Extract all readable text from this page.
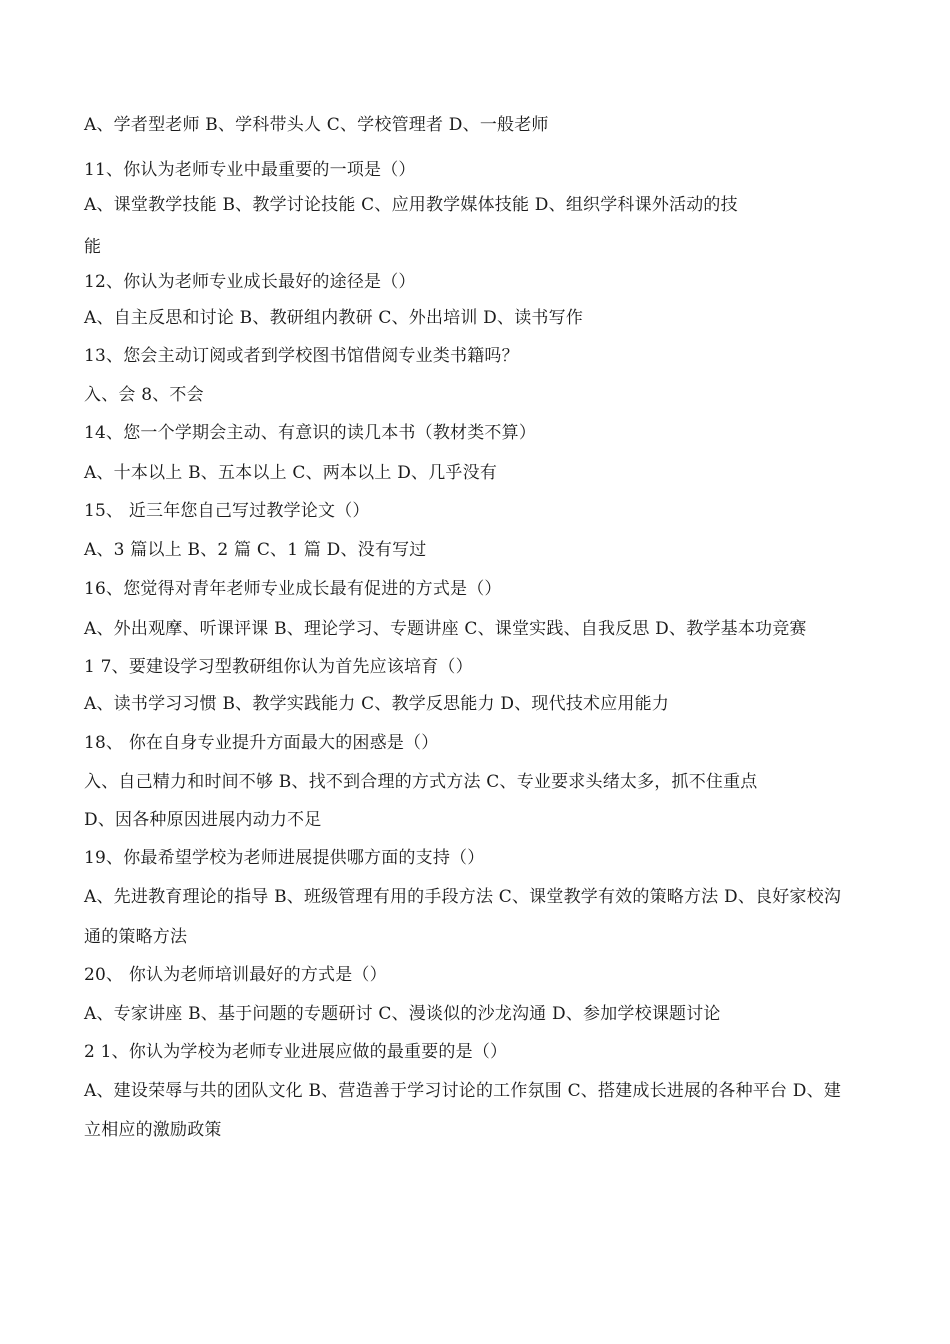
A、学者型老师 B、学科带头人 C、学校管理者 D、一般老师
11、你认为老师专业中最重要的一项是（）
A、课堂教学技能 B、教学讨论技能 C、应用教学媒体技能 D、组织学科课外活动的技
能
12、你认为老师专业成长最好的途径是（）
A、自主反思和讨论 B、教研组内教研 C、外出培训 D、读书写作
13、您会主动订阅或者到学校图书馆借阅专业类书籍吗？
入、会 8、不会
14、您一个学期会主动、有意识的读几本书（教材类不算）
A、十本以上 B、五本以上 C、两本以上 D、几乎没有
15、 近三年您自己写过教学论文（）
A、3 篇以上 B、2 篇 C、1 篇 D、没有写过
16、您觉得对青年老师专业成长最有促进的方式是（）
A、外出观摩、听课评课 B、理论学习、专题讲座 C、课堂实践、自我反思 D、教学基本功竞赛
1 7、要建设学习型教研组你认为首先应该培育（）
A、读书学习习惯 B、教学实践能力 C、教学反思能力 D、现代技术应用能力
18、 你在自身专业提升方面最大的困惑是（）
入、自己精力和时间不够 B、找不到合理的方式方法 C、专业要求头绪太多，抓不住重点
D、因各种原因进展内动力不足
19、你最希望学校为老师进展提供哪方面的支持（）
A、先进教育理论的指导 B、班级管理有用的手段方法 C、课堂教学有效的策略方法 D、良好家校沟
通的策略方法
20、 你认为老师培训最好的方式是（）
A、专家讲座 B、基于问题的专题研讨 C、漫谈似的沙龙沟通 D、参加学校课题讨论
2 1、你认为学校为老师专业进展应做的最重要的是（）
A、建设荣辱与共的团队文化 B、营造善于学习讨论的工作氛围 C、搭建成长进展的各种平台 D、建
立相应的激励政策
